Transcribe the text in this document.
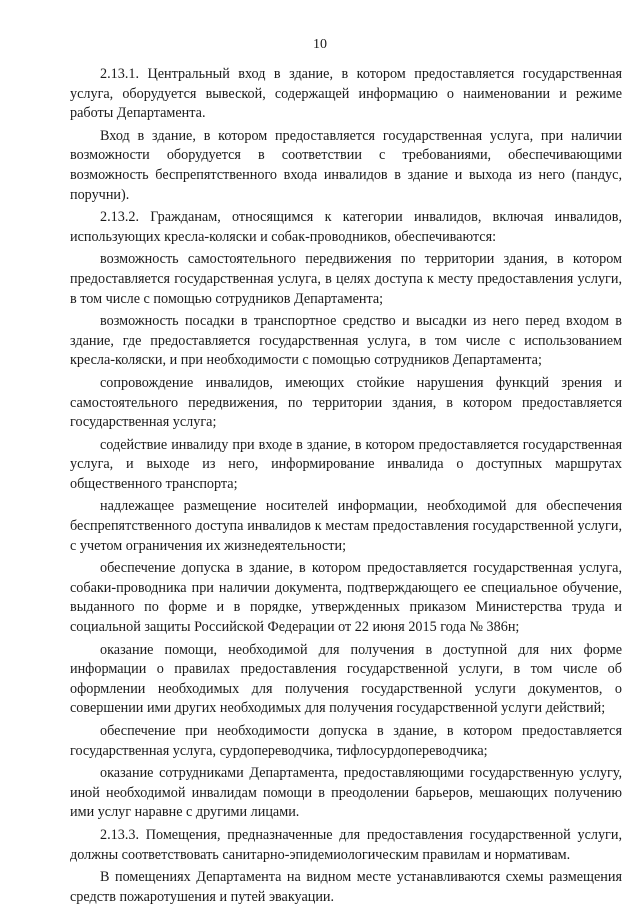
10

2.13.1. Центральный вход в здание, в котором предоставляется государственная услуга, оборудуется вывеской, содержащей информацию о наименовании и режиме работы Департамента.

Вход в здание, в котором предоставляется государственная услуга, при наличии возможности оборудуется в соответствии с требованиями, обеспечивающими возможность беспрепятственного входа инвалидов в здание и выхода из него (пандус, поручни).

2.13.2. Гражданам, относящимся к категории инвалидов, включая инвалидов, использующих кресла-коляски и собак-проводников, обеспечиваются:

возможность самостоятельного передвижения по территории здания, в котором предоставляется государственная услуга, в целях доступа к месту предоставления услуги, в том числе с помощью сотрудников Департамента;

возможность посадки в транспортное средство и высадки из него перед входом в здание, где предоставляется государственная услуга, в том числе с использованием кресла-коляски, и при необходимости с помощью сотрудников Департамента;

сопровождение инвалидов, имеющих стойкие нарушения функций зрения и самостоятельного передвижения, по территории здания, в котором предоставляется государственная услуга;

содействие инвалиду при входе в здание, в котором предоставляется государственная услуга, и выходе из него, информирование инвалида о доступных маршрутах общественного транспорта;

надлежащее размещение носителей информации, необходимой для обеспечения беспрепятственного доступа инвалидов к местам предоставления государственной услуги, с учетом ограничения их жизнедеятельности;

обеспечение допуска в здание, в котором предоставляется государственная услуга, собаки-проводника при наличии документа, подтверждающего ее специальное обучение, выданного по форме и в порядке, утвержденных приказом Министерства труда и социальной защиты Российской Федерации от 22 июня 2015 года № 386н;

оказание помощи, необходимой для получения в доступной для них форме информации о правилах предоставления государственной услуги, в том числе об оформлении необходимых для получения государственной услуги документов, о совершении ими других необходимых для получения государственной услуги действий;

обеспечение при необходимости допуска в здание, в котором предоставляется государственная услуга, сурдопереводчика, тифлосурдопереводчика;

оказание сотрудниками Департамента, предоставляющими государственную услугу, иной необходимой инвалидам помощи в преодолении барьеров, мешающих получению ими услуг наравне с другими лицами.

2.13.3. Помещения, предназначенные для предоставления государственной услуги, должны соответствовать санитарно-эпидемиологическим правилам и нормативам.

В помещениях Департамента на видном месте устанавливаются схемы размещения средств пожаротушения и путей эвакуации.
